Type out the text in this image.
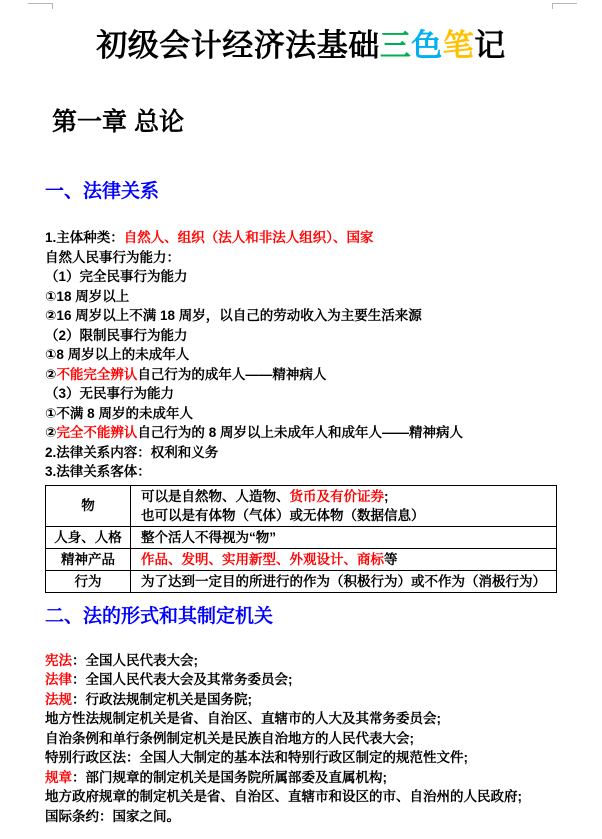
初级会计经济法基础三色笔记
第一章 总论
一、法律关系
1.主体种类：自然人、组织（法人和非法人组织）、国家
自然人民事行为能力：
（1）完全民事行为能力
①18 周岁以上
②16 周岁以上不满 18 周岁，以自己的劳动收入为主要生活来源
（2）限制民事行为能力
①8 周岁以上的未成年人
②不能完全辨认自己行为的成年人——精神病人
（3）无民事行为能力
①不满 8 周岁的未成年人
②完全不能辨认自己行为的 8 周岁以上未成年人和成年人——精神病人
2.法律关系内容：权利和义务
3.法律关系客体：
物	可以是自然物、人造物、货币及有价证券;
也可以是有体物（气体）或无体物（数据信息）

人身、人格	整个活人不得视为“物”

精神产品	作品、发明、实用新型、外观设计、商标等

行为	为了达到一定目的所进行的作为（积极行为）或不作为（消极行为）
二、法的形式和其制定机关
宪法：全国人民代表大会;
法律：全国人民代表大会及其常务委员会;
法规：行政法规制定机关是国务院;
地方性法规制定机关是省、自治区、直辖市的人大及其常务委员会;
自治条例和单行条例制定机关是民族自治地方的人民代表大会;
特别行政区法：全国人大制定的基本法和特别行政区制定的规范性文件;
规章：部门规章的制定机关是国务院所属部委及直属机构;
地方政府规章的制定机关是省、自治区、直辖市和设区的市、自治州的人民政府;
国际条约：国家之间。
